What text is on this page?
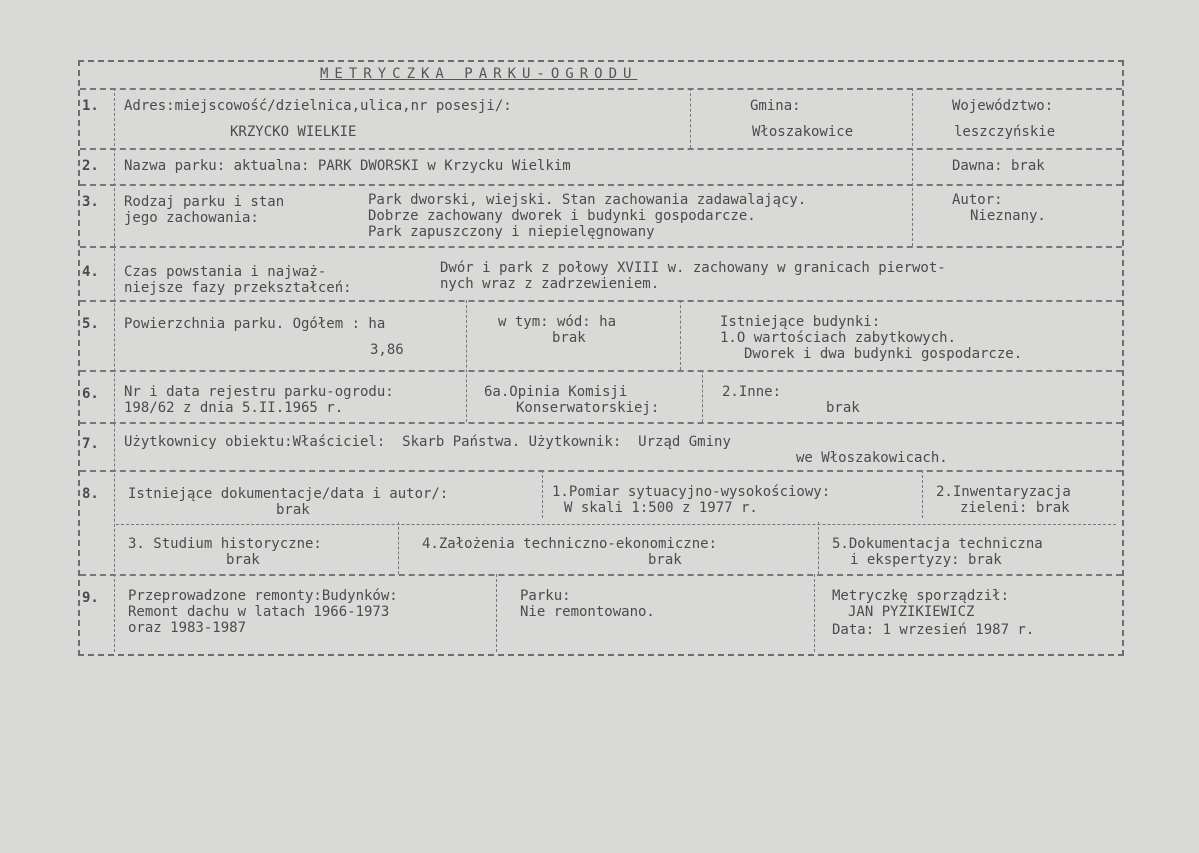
METRYCZKA PARKU-OGRODU
1. Adres:miejscowość/dzielnica,ulica,nr posesji/:
KRZYCKO WIELKIE
Gmina:
Włoszakowice
Województwo:
leszczyńskie
2. Nazwa parku: aktualna: PARK DWORSKI w Krzycku Wielkim	Dawna: brak
3. Rodzaj parku i stan
jego zachowania:
Park dworski, wiejski. Stan zachowania zadawalający.
Dobrze zachowany dworek i budynki gospodarcze.
Park zapuszczony i niepielęgnowany
Autor:
Nieznany.
4. Czas powstania i najważ-
niejsze fazy przekształceń:
Dwór i park z połowy XVIII w. zachowany w granicach pierwot-
nych wraz z zadrzewieniem.
5. Powierzchnia parku. Ogółem : ha
3,86
w tym: wód: ha
brak
Istniejące budynki:
1.O wartościach zabytkowych.
Dworek i dwa budynki gospodarcze.
6. Nr i data rejestru parku-ogrodu:
198/62 z dnia 5.II.1965 r.
6a.Opinia Komisji
Konserwatorskiej:
2.Inne:
brak
7. Użytkownicy obiektu:Właściciel:  Skarb Państwa. Użytkownik:  Urząd Gminy
we Włoszakowicach.
8. Istniejące dokumentacje/data i autor/:
brak
1.Pomiar sytuacyjno-wysokościowy:
W skali 1:500 z 1977 r.
2.Inwentaryzacja
zieleni: brak
3. Studium historyczne:
brak
4.Założenia techniczno-ekonomiczne:
brak
5.Dokumentacja techniczna
i ekspertyzy: brak
9. Przeprowadzone remonty:Budynków:
Remont dachu w latach 1966-1973
oraz 1983-1987
Parku:
Nie remontowano.
Metryczkę sporządził:
JAN PYZIKIEWICZ
Data: 1 wrzesień 1987 r.
